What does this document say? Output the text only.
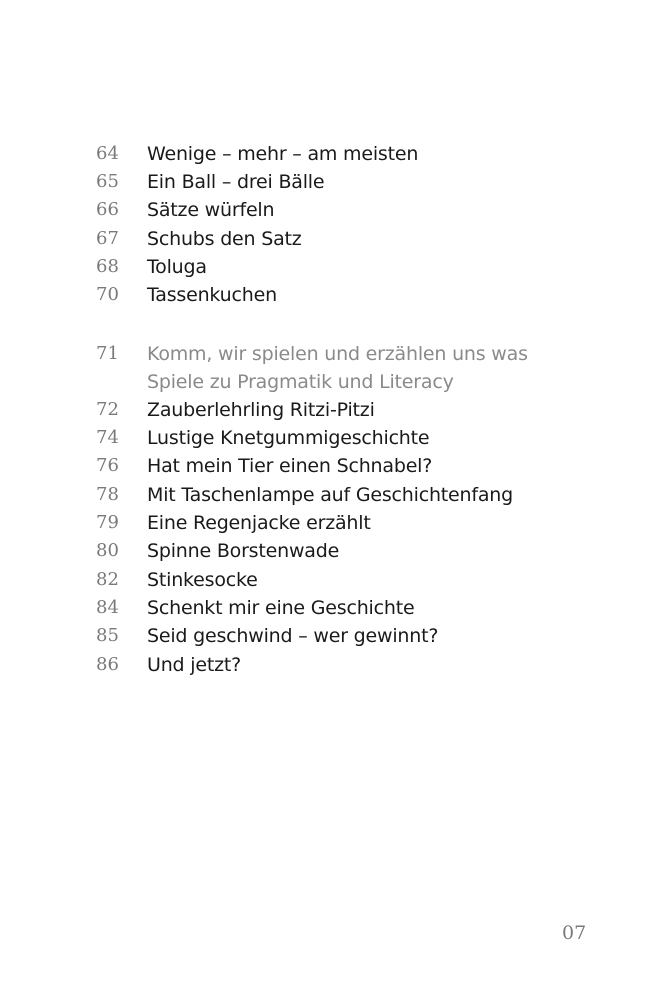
64	Wenige – mehr – am meisten
65	Ein Ball – drei Bälle
66	Sätze würfeln
67	Schubs den Satz
68	Toluga
70	Tassenkuchen
71	Komm, wir spielen und erzählen uns was
Spiele zu Pragmatik und Literacy
72	Zauberlehrling Ritzi-Pitzi
74	Lustige Knetgummigeschichte
76	Hat mein Tier einen Schnabel?
78	Mit Taschenlampe auf Geschichtenfang
79	Eine Regenjacke erzählt
80	Spinne Borstenwade
82	Stinkesocke
84	Schenkt mir eine Geschichte
85	Seid geschwind – wer gewinnt?
86	Und jetzt?
07
